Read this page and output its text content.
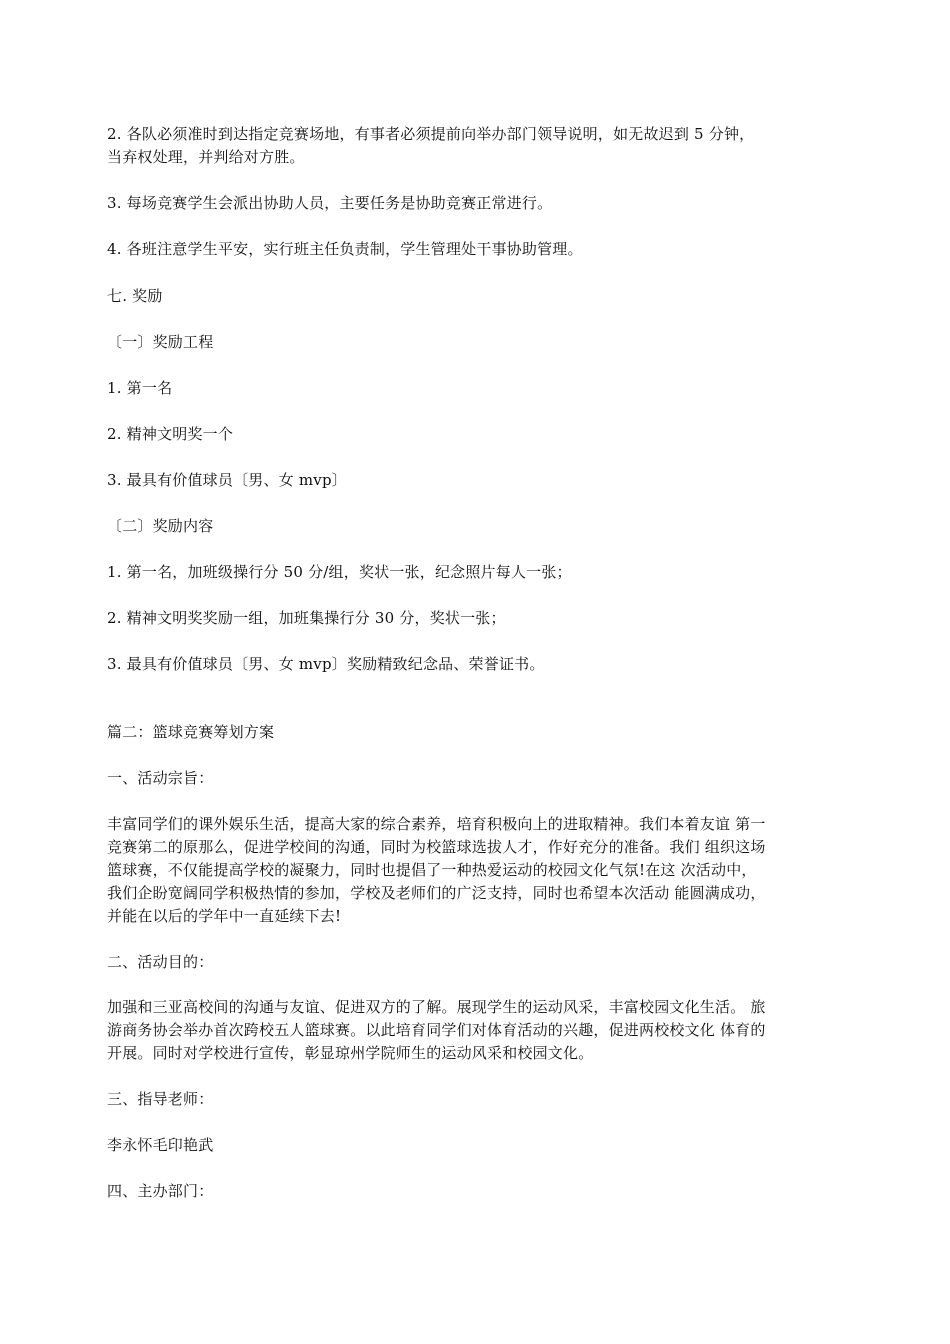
2. 各队必须准时到达指定竞赛场地，有事者必须提前向举办部门领导说明，如无故迟到 5 分钟，
当弃权处理，并判给对方胜。
3. 每场竞赛学生会派出协助人员，主要任务是协助竞赛正常进行。
4. 各班注意学生平安，实行班主任负责制，学生管理处干事协助管理。
七. 奖励
〔一〕奖励工程
1. 第一名
2. 精神文明奖一个
3. 最具有价值球员〔男、女 mvp〕
〔二〕奖励内容
1. 第一名，加班级操行分 50 分/组，奖状一张，纪念照片每人一张；
2. 精神文明奖奖励一组，加班集操行分 30 分，奖状一张；
3. 最具有价值球员〔男、女 mvp〕奖励精致纪念品、荣誉证书。
篇二：篮球竞赛筹划方案
一、活动宗旨：
丰富同学们的课外娱乐生活，提高大家的综合素养，培育积极向上的进取精神。我们本着友谊 第一
竞赛第二的原那么，促进学校间的沟通，同时为校篮球选拔人才，作好充分的准备。我们 组织这场
篮球赛，不仅能提高学校的凝聚力，同时也提倡了一种热爱运动的校园文化气氛!在这 次活动中，
我们企盼宽阔同学积极热情的参加，学校及老师们的广泛支持，同时也希望本次活动 能圆满成功，
并能在以后的学年中一直延续下去!
二、活动目的：
加强和三亚高校间的沟通与友谊、促进双方的了解。展现学生的运动风采，丰富校园文化生活。 旅
游商务协会举办首次跨校五人篮球赛。以此培育同学们对体育活动的兴趣，促进两校校文化 体育的
开展。同时对学校进行宣传，彰显琼州学院师生的运动风采和校园文化。
三、指导老师：
李永怀毛印艳武
四、主办部门：
